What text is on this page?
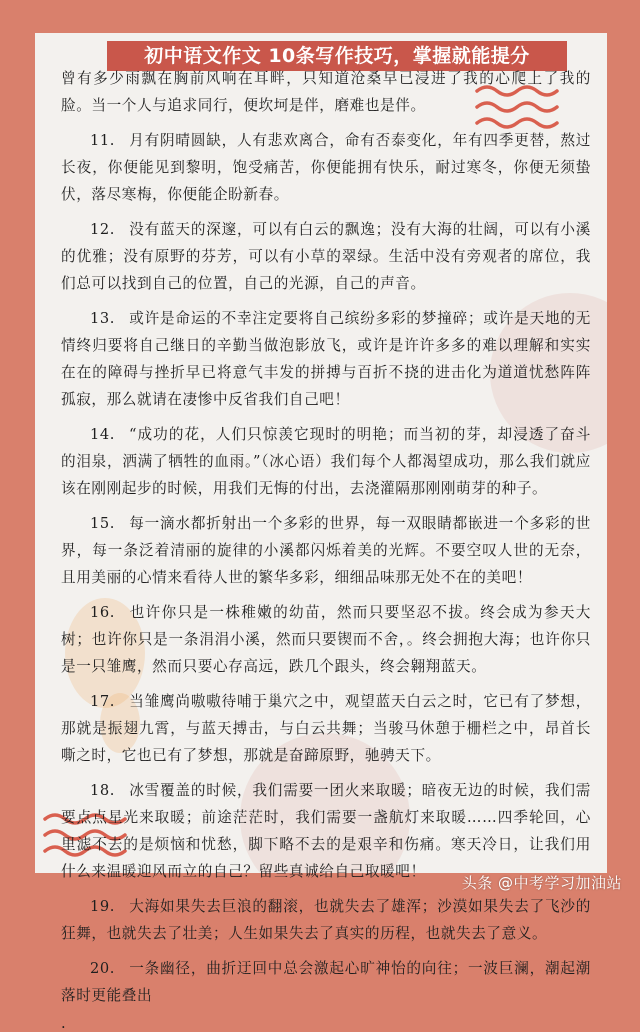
初中语文作文 10条写作技巧，掌握就能提分

曾有多少雨飘在胸前风响在耳畔，只知道沧桑早已浸进了我的心爬上了我的脸。当一个人与追求同行，便坎坷是伴，磨难也是伴。

11. 月有阴晴圆缺，人有悲欢离合，命有否泰变化，年有四季更替，熬过长夜，你便能见到黎明，饱受痛苦，你便能拥有快乐，耐过寒冬，你便无须蛰伏，落尽寒梅，你便能企盼新春。

12. 没有蓝天的深邃，可以有白云的飘逸；没有大海的壮阔，可以有小溪的优雅；没有原野的芬芳，可以有小草的翠绿。生活中没有旁观者的席位，我们总可以找到自己的位置，自己的光源，自己的声音。

13. 或许是命运的不幸注定要将自己缤纷多彩的梦撞碎；或许是天地的无情终归要将自己继日的辛勤当做泡影放飞，或许是许许多多的难以理解和实实在在的障碍与挫折早已将意气丰发的拼搏与百折不挠的进击化为道道忧愁阵阵孤寂，那么就请在凄惨中反省我们自己吧！

14. “成功的花，人们只惊羡它现时的明艳；而当初的芽，却浸透了奋斗的泪泉，洒满了牺牲的血雨。”（冰心语）我们每个人都渴望成功，那么我们就应该在刚刚起步的时候，用我们无悔的付出，去浇灌隔那刚刚萌芽的种子。

15. 每一滴水都折射出一个多彩的世界，每一双眼睛都嵌进一个多彩的世界，每一条泛着清丽的旋律的小溪都闪烁着美的光辉。不要空叹人世的无奈，且用美丽的心情来看待人世的繁华多彩，细细品味那无处不在的美吧！

16. 也许你只是一株稚嫩的幼苗，然而只要坚忍不拔。终会成为参天大树；也许你只是一条涓涓小溪，然而只要锲而不舍，。终会拥抱大海；也许你只是一只雏鹰，然而只要心存高远，跌几个跟头，终会翱翔蓝天。

17. 当雏鹰尚嗷嗷待哺于巢穴之中，观望蓝天白云之时，它已有了梦想，那就是振翅九霄，与蓝天搏击，与白云共舞；当骏马休憩于栅栏之中，昂首长嘶之时，它也已有了梦想，那就是奋蹄原野，驰骋天下。

18. 冰雪覆盖的时候，我们需要一团火来取暖；暗夜无边的时候，我们需要点点星光来取暖；前途茫茫时，我们需要一盏航灯来取暖……四季轮回，心里滤不去的是烦恼和忧愁，脚下略不去的是艰辛和伤痛。寒天冷日，让我们用什么来温暖迎风而立的自己？留些真诚给自己取暖吧！

19. 大海如果失去巨浪的翻滚，也就失去了雄浑；沙漠如果失去了飞沙的狂舞，也就失去了壮美；人生如果失去了真实的历程，也就失去了意义。

20. 一条幽径，曲折迂回中总会激起心旷神怡的向往；一波巨澜，潮起潮落时更能叠出

.
头条 @中考学习加油站
